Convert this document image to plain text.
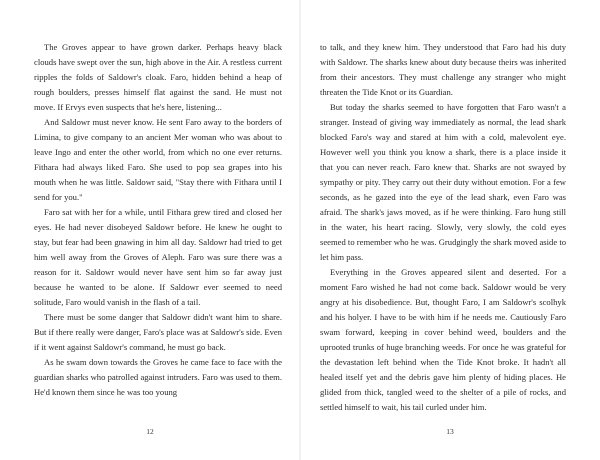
The Groves appear to have grown darker. Perhaps heavy black clouds have swept over the sun, high above in the Air. A restless current ripples the folds of Saldowr's cloak. Faro, hidden behind a heap of rough boulders, presses himself flat against the sand. He must not move. If Ervys even suspects that he's here, listening...

And Saldowr must never know. He sent Faro away to the borders of Limina, to give company to an ancient Mer woman who was about to leave Ingo and enter the other world, from which no one ever returns. Fithara had always liked Faro. She used to pop sea grapes into his mouth when he was little. Saldowr said, "Stay there with Fithara until I send for you."

Faro sat with her for a while, until Fithara grew tired and closed her eyes. He had never disobeyed Saldowr before. He knew he ought to stay, but fear had been gnawing in him all day. Saldowr had tried to get him well away from the Groves of Aleph. Faro was sure there was a reason for it. Saldowr would never have sent him so far away just because he wanted to be alone. If Saldowr ever seemed to need solitude, Faro would vanish in the flash of a tail.

There must be some danger that Saldowr didn't want him to share. But if there really were danger, Faro's place was at Saldowr's side. Even if it went against Saldowr's command, he must go back.

As he swam down towards the Groves he came face to face with the guardian sharks who patrolled against intruders. Faro was used to them. He'd known them since he was too young

12

to talk, and they knew him. They understood that Faro had his duty with Saldowr. The sharks knew about duty because theirs was inherited from their ancestors. They must challenge any stranger who might threaten the Tide Knot or its Guardian.

But today the sharks seemed to have forgotten that Faro wasn't a stranger. Instead of giving way immediately as normal, the lead shark blocked Faro's way and stared at him with a cold, malevolent eye. However well you think you know a shark, there is a place inside it that you can never reach. Faro knew that. Sharks are not swayed by sympathy or pity. They carry out their duty without emotion. For a few seconds, as he gazed into the eye of the lead shark, even Faro was afraid. The shark's jaws moved, as if he were thinking. Faro hung still in the water, his heart racing. Slowly, very slowly, the cold eyes seemed to remember who he was. Grudgingly the shark moved aside to let him pass.

Everything in the Groves appeared silent and deserted. For a moment Faro wished he had not come back. Saldowr would be very angry at his disobedience. But, thought Faro, I am Saldowr's scolhyk and his holyer. I have to be with him if he needs me. Cautiously Faro swam forward, keeping in cover behind weed, boulders and the uprooted trunks of huge branching weeds. For once he was grateful for the devastation left behind when the Tide Knot broke. It hadn't all healed itself yet and the debris gave him plenty of hiding places. He glided from thick, tangled weed to the shelter of a pile of rocks, and settled himself to wait, his tail curled under him.

13
